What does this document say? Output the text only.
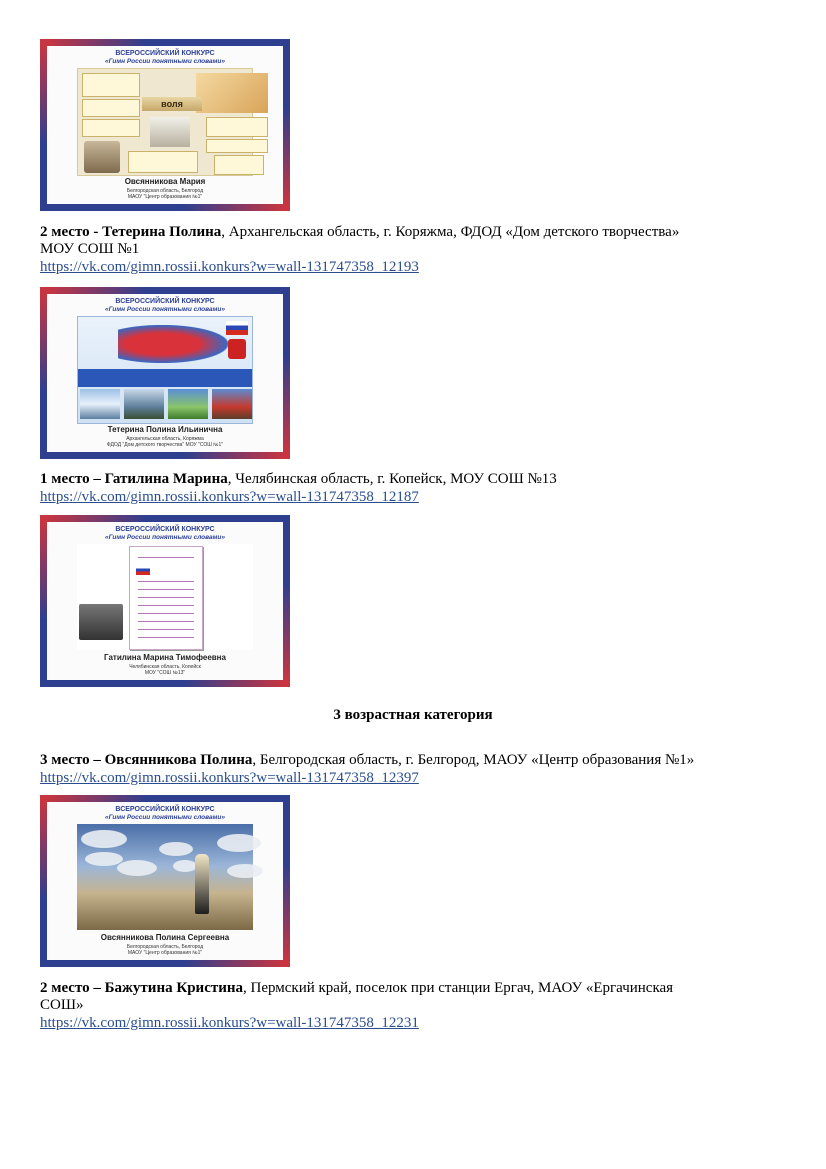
ВСЕРОССИЙСКИЙ КОНКУРС
«Гимн России понятными словами»
воля
Овсянникова Мария
Белгородская область, Белгород
МАОУ "Центр образования №1"
2 место - Тетерина Полина, Архангельская область, г. Коряжма, ФДОД «Дом детского творчества»
МОУ СОШ №1
https://vk.com/gimn.rossii.konkurs?w=wall-131747358_12193
ВСЕРОССИЙСКИЙ КОНКУРС
«Гимн России понятными словами»
Тетерина Полина Ильинична
Архангельская область, Коряжма
ФДОД "Дом детского творчества" МОУ "СОШ №1"
1 место – Гатилина Марина, Челябинская область, г. Копейск, МОУ СОШ №13
https://vk.com/gimn.rossii.konkurs?w=wall-131747358_12187
ВСЕРОССИЙСКИЙ КОНКУРС
«Гимн России понятными словами»
Гатилина Марина Тимофеевна
Челябинская область, Копейск
МОУ "СОШ №13"
3 возрастная категория
3 место – Овсянникова Полина, Белгородская область, г. Белгород, МАОУ «Центр образования №1»
https://vk.com/gimn.rossii.konkurs?w=wall-131747358_12397
ВСЕРОССИЙСКИЙ КОНКУРС
«Гимн России понятными словами»
Овсянникова Полина Сергеевна
Белгородская область, Белгород
МАОУ "Центр образования №1"
2 место – Бажутина Кристина, Пермский край, поселок при станции Ергач, МАОУ «Ергачинская
СОШ»
https://vk.com/gimn.rossii.konkurs?w=wall-131747358_12231
